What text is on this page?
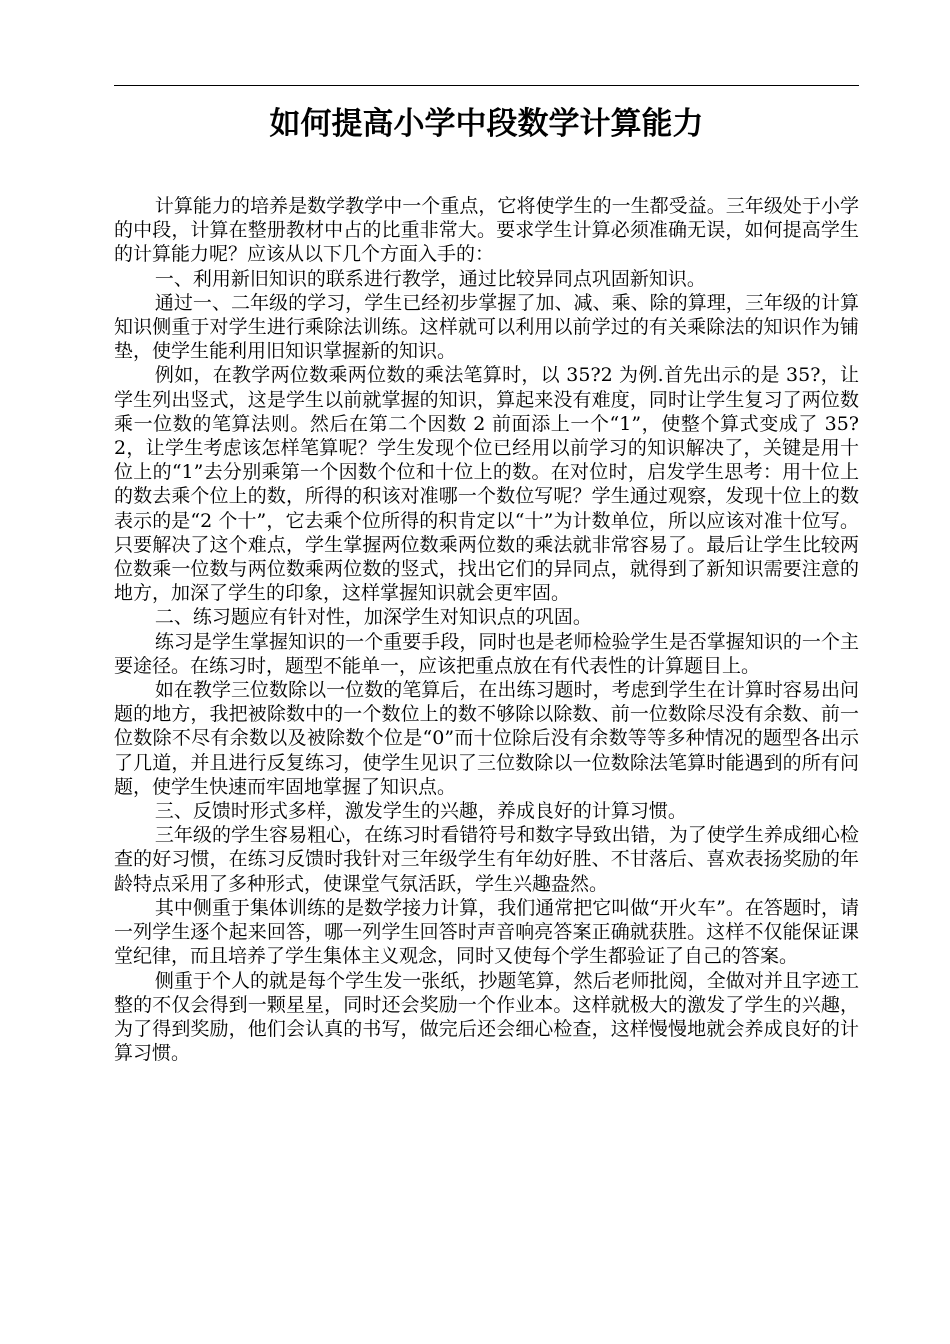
如何提高小学中段数学计算能力

计算能力的培养是数学教学中一个重点，它将使学生的一生都受益。三年级处于小学的中段，计算在整册教材中占的比重非常大。要求学生计算必须准确无误，如何提高学生的计算能力呢？应该从以下几个方面入手的：

一、利用新旧知识的联系进行教学，通过比较异同点巩固新知识。

通过一、二年级的学习，学生已经初步掌握了加、减、乘、除的算理，三年级的计算知识侧重于对学生进行乘除法训练。这样就可以利用以前学过的有关乘除法的知识作为铺垫，使学生能利用旧知识掌握新的知识。

例如，在教学两位数乘两位数的乘法笔算时，以 35?2 为例.首先出示的是 35?，让学生列出竖式，这是学生以前就掌握的知识，算起来没有难度，同时让学生复习了两位数乘一位数的笔算法则。然后在第二个因数 2 前面添上一个“1”，使整个算式变成了 35?2，让学生考虑该怎样笔算呢？学生发现个位已经用以前学习的知识解决了，关键是用十位上的“1”去分别乘第一个因数个位和十位上的数。在对位时，启发学生思考：用十位上的数去乘个位上的数，所得的积该对准哪一个数位写呢？学生通过观察，发现十位上的数表示的是“2 个十”，它去乘个位所得的积肯定以“十”为计数单位，所以应该对准十位写。只要解决了这个难点，学生掌握两位数乘两位数的乘法就非常容易了。最后让学生比较两位数乘一位数与两位数乘两位数的竖式，找出它们的异同点，就得到了新知识需要注意的地方，加深了学生的印象，这样掌握知识就会更牢固。

二、练习题应有针对性，加深学生对知识点的巩固。

练习是学生掌握知识的一个重要手段，同时也是老师检验学生是否掌握知识的一个主要途径。在练习时，题型不能单一，应该把重点放在有代表性的计算题目上。

如在教学三位数除以一位数的笔算后，在出练习题时，考虑到学生在计算时容易出问题的地方，我把被除数中的一个数位上的数不够除以除数、前一位数除尽没有余数、前一位数除不尽有余数以及被除数个位是“0”而十位除后没有余数等等多种情况的题型各出示了几道，并且进行反复练习，使学生见识了三位数除以一位数除法笔算时能遇到的所有问题，使学生快速而牢固地掌握了知识点。

三、反馈时形式多样，激发学生的兴趣，养成良好的计算习惯。

三年级的学生容易粗心，在练习时看错符号和数字导致出错，为了使学生养成细心检查的好习惯，在练习反馈时我针对三年级学生有年幼好胜、不甘落后、喜欢表扬奖励的年龄特点采用了多种形式，使课堂气氛活跃，学生兴趣盎然。

其中侧重于集体训练的是数学接力计算，我们通常把它叫做“开火车”。在答题时，请一列学生逐个起来回答，哪一列学生回答时声音响亮答案正确就获胜。这样不仅能保证课堂纪律，而且培养了学生集体主义观念，同时又使每个学生都验证了自己的答案。

侧重于个人的就是每个学生发一张纸，抄题笔算，然后老师批阅，全做对并且字迹工整的不仅会得到一颗星星，同时还会奖励一个作业本。这样就极大的激发了学生的兴趣，为了得到奖励，他们会认真的书写，做完后还会细心检查，这样慢慢地就会养成良好的计算习惯。
